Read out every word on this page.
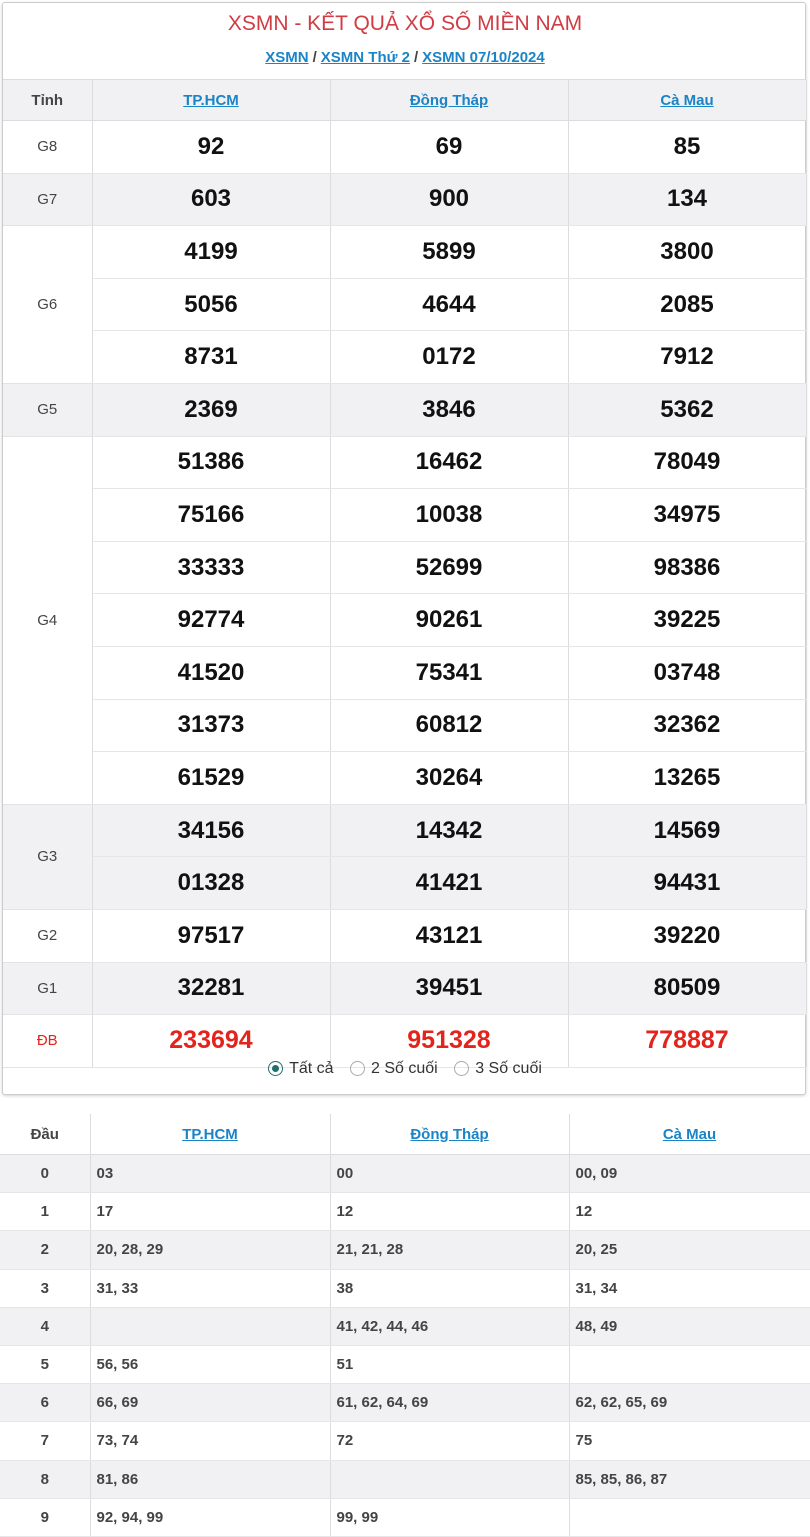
XSMN - KẾT QUẢ XỔ SỐ MIỀN NAM
XSMN / XSMN Thứ 2 / XSMN 07/10/2024
Tỉnh	TP.HCM	Đồng Tháp	Cà Mau
G8	92	69	85
G7	603	900	134
G6	4199	5899	3800
	5056	4644	2085
	8731	0172	7912
G5	2369	3846	5362
G4	51386	16462	78049
	75166	10038	34975
	33333	52699	98386
	92774	90261	39225
	41520	75341	03748
	31373	60812	32362
	61529	30264	13265
G3	34156	14342	14569
	01328	41421	94431
G2	97517	43121	39220
G1	32281	39451	80509
ĐB	233694	951328	778887
Tất cả 2 Số cuối 3 Số cuối
Đầu	TP.HCM	Đồng Tháp	Cà Mau
0	03	00	00, 09
1	17	12	12
2	20, 28, 29	21, 21, 28	20, 25
3	31, 33	38	31, 34
4		41, 42, 44, 46	48, 49
5	56, 56	51	
6	66, 69	61, 62, 64, 69	62, 62, 65, 69
7	73, 74	72	75
8	81, 86		85, 85, 86, 87
9	92, 94, 99	99, 99	
